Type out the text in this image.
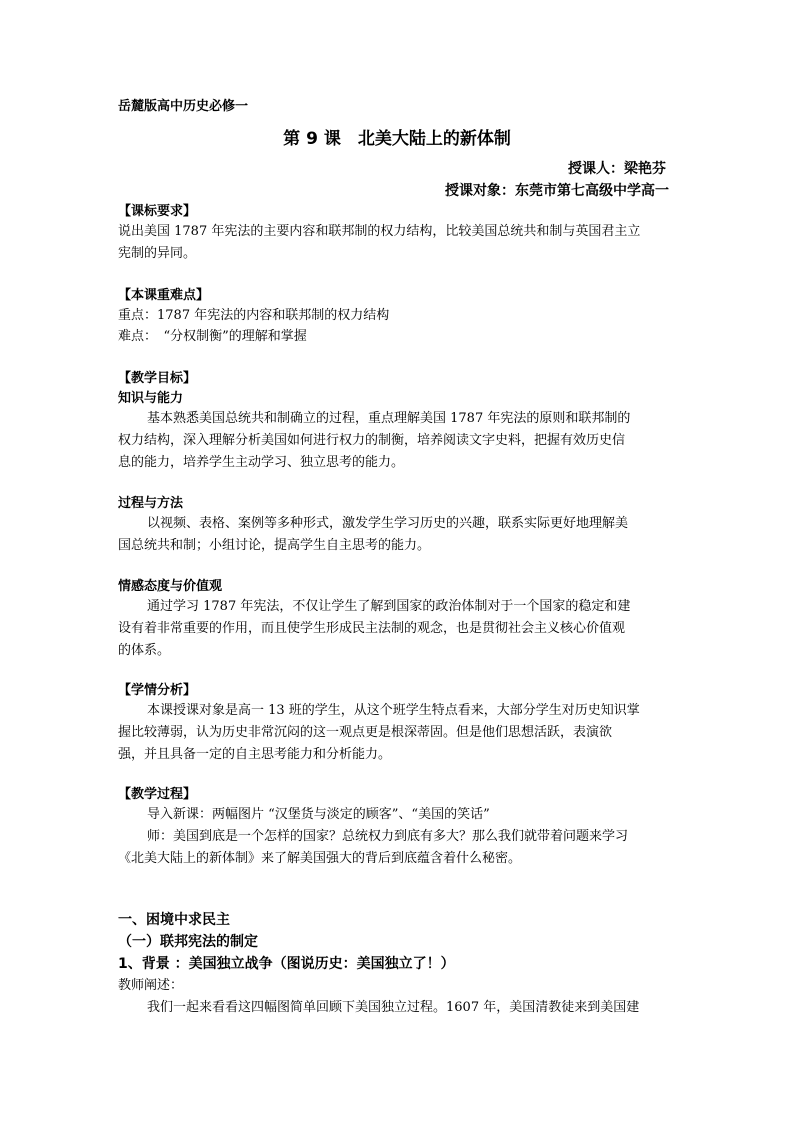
岳麓版高中历史必修一
第 9 课　北美大陆上的新体制
授课人：梁艳芬
授课对象：东莞市第七高级中学高一
【课标要求】
说出美国 1787 年宪法的主要内容和联邦制的权力结构，比较美国总统共和制与英国君主立
宪制的异同。
【本课重难点】
重点：1787 年宪法的内容和联邦制的权力结构
难点：　“分权制衡”的理解和掌握
【教学目标】
知识与能力
基本熟悉美国总统共和制确立的过程，重点理解美国 1787 年宪法的原则和联邦制的
权力结构，深入理解分析美国如何进行权力的制衡，培养阅读文字史料，把握有效历史信
息的能力，培养学生主动学习、独立思考的能力。
过程与方法
以视频、表格、案例等多种形式，激发学生学习历史的兴趣，联系实际更好地理解美
国总统共和制；小组讨论，提高学生自主思考的能力。
情感态度与价值观
通过学习 1787 年宪法，不仅让学生了解到国家的政治体制对于一个国家的稳定和建
设有着非常重要的作用，而且使学生形成民主法制的观念，也是贯彻社会主义核心价值观
的体系。
【学情分析】
本课授课对象是高一 13 班的学生，从这个班学生特点看来，大部分学生对历史知识掌
握比较薄弱，认为历史非常沉闷的这一观点更是根深蒂固。但是他们思想活跃，表演欲
强，并且具备一定的自主思考能力和分析能力。
【教学过程】
导入新课：两幅图片 “汉堡货与淡定的顾客”、“美国的笑话”
师：美国到底是一个怎样的国家？总统权力到底有多大？那么我们就带着问题来学习
《北美大陆上的新体制》来了解美国强大的背后到底蕴含着什么秘密。
一、困境中求民主
（一）联邦宪法的制定
1、背景 ：美国独立战争（图说历史：美国独立了！）
教师阐述：
我们一起来看看这四幅图简单回顾下美国独立过程。1607 年，美国清教徒来到美国建
